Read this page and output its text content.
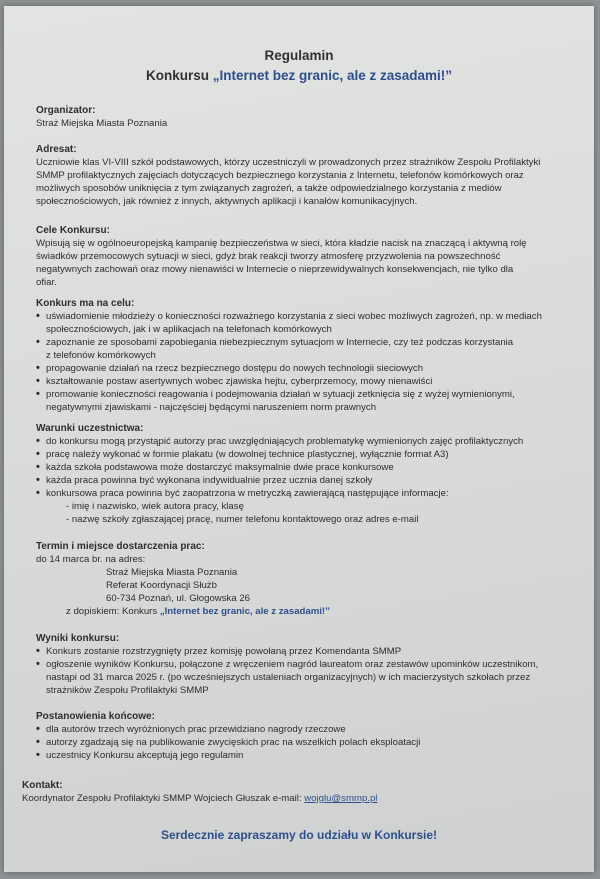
Regulamin
Konkursu „Internet bez granic, ale z zasadami!”
Organizator:
Straż Miejska Miasta Poznania
Adresat:
Uczniowie klas VI-VIII szkół podstawowych, którzy uczestniczyli w prowadzonych przez strażników Zespołu Profilaktyki
SMMP profilaktycznych zajęciach dotyczących bezpiecznego korzystania z Internetu, telefonów komórkowych oraz
możliwych sposobów uniknięcia z tym związanych zagrożeń, a także odpowiedzialnego korzystania z mediów
społecznościowych, jak również z innych, aktywnych aplikacji i kanałów komunikacyjnych.
Cele Konkursu:
Wpisują się w ogólnoeuropejską kampanię bezpieczeństwa w sieci, która kładzie nacisk na znaczącą i aktywną rolę
świadków przemocowych sytuacji w sieci, gdyż brak reakcji tworzy atmosferę przyzwolenia na powszechność
negatywnych zachowań oraz mowy nienawiści w Internecie o nieprzewidywalnych konsekwencjach, nie tylko dla
ofiar.
Konkurs ma na celu:
• uświadomienie młodzieży o konieczności rozważnego korzystania z sieci wobec możliwych zagrożeń, np. w mediach
społecznościowych, jak i w aplikacjach na telefonach komórkowych
• zapoznanie ze sposobami zapobiegania niebezpiecznym sytuacjom w Internecie, czy też podczas korzystania
z telefonów komórkowych
• propagowanie działań na rzecz bezpiecznego dostępu do nowych technologii sieciowych
• kształtowanie postaw asertywnych wobec zjawiska hejtu, cyberprzemocy, mowy nienawiści
• promowanie konieczności reagowania i podejmowania działań w sytuacji zetknięcia się z wyżej wymienionymi,
negatywnymi zjawiskami - najczęściej będącymi naruszeniem norm prawnych
Warunki uczestnictwa:
• do konkursu mogą przystąpić autorzy prac uwzględniających problematykę wymienionych zajęć profilaktycznych
• pracę należy wykonać w formie plakatu (w dowolnej technice plastycznej, wyłącznie format A3)
• każda szkoła podstawowa może dostarczyć maksymalnie dwie prace konkursowe
• każda praca powinna być wykonana indywidualnie przez ucznia danej szkoły
• konkursowa praca powinna być zaopatrzona w metryczką zawierającą następujące informacje:
- imię i nazwisko, wiek autora pracy, klasę
- nazwę szkoły zgłaszającej pracę, numer telefonu kontaktowego oraz adres e-mail
Termin i miejsce dostarczenia prac:
do 14 marca br. na adres:
Straż Miejska Miasta Poznania
Referat Koordynacji Służb
60-734 Poznań, ul. Głogowska 26
z dopiskiem: Konkurs „Internet bez granic, ale z zasadami!”
Wyniki konkursu:
• Konkurs zostanie rozstrzygnięty przez komisję powołaną przez Komendanta SMMP
• ogłoszenie wyników Konkursu, połączone z wręczeniem nagród laureatom oraz zestawów upominków uczestnikom,
nastąpi od 31 marca 2025 r. (po wcześniejszych ustaleniach organizacyjnych) w ich macierzystych szkołach przez
strażników Zespołu Profilaktyki SMMP
Postanowienia końcowe:
• dla autorów trzech wyróżnionych prac przewidziano nagrody rzeczowe
• autorzy zgadzają się na publikowanie zwycięskich prac na wszelkich polach eksploatacji
• uczestnicy Konkursu akceptują jego regulamin
Kontakt:
Koordynator Zespołu Profilaktyki SMMP Wojciech Głuszak e-mail: wojglu@smmp.pl
Serdecznie zapraszamy do udziału w Konkursie!
